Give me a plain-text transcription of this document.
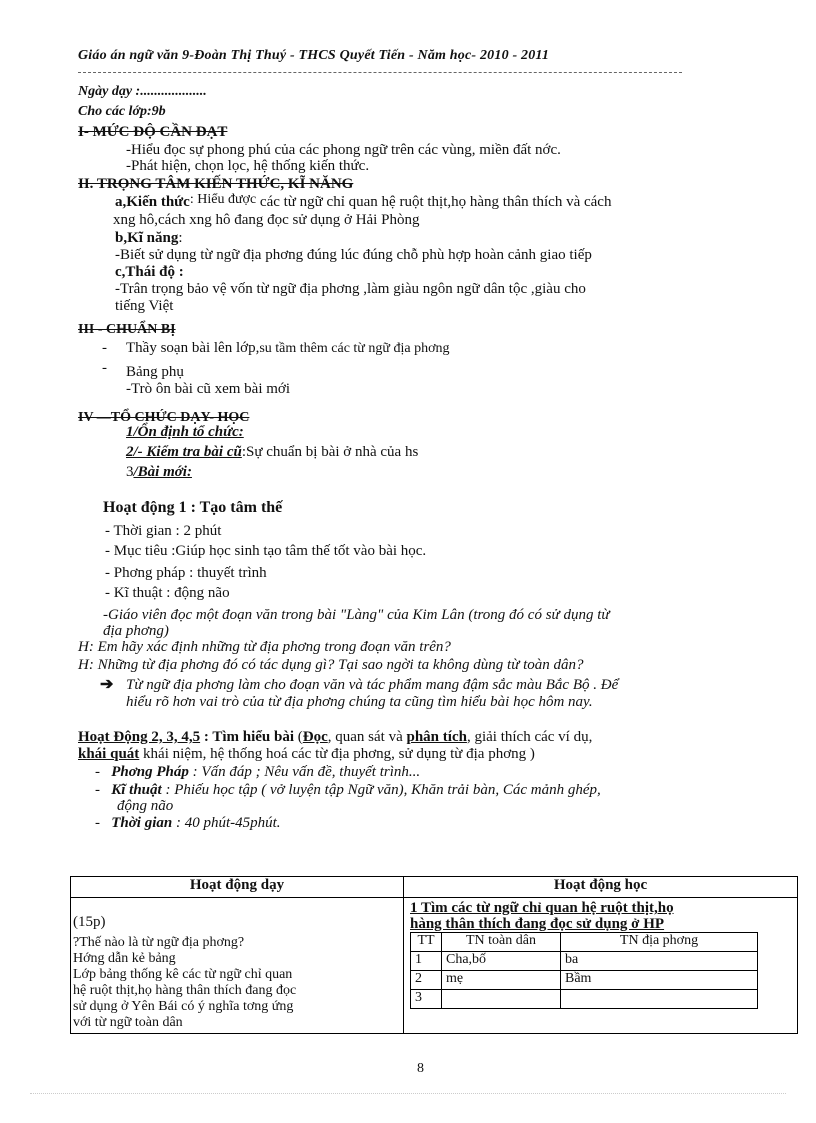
Giáo án ngữ văn 9-Đoàn Thị Thuý - THCS Quyết Tiến - Năm học- 2010 - 2011
Ngày dạy :...................
Cho các lớp:9b
I- MỨC ĐỘ CẦN ĐẠT
-Hiểu đọc sự phong phú của các phong ngữ trên các vùng, miền đất nớc.
-Phát hiện, chọn lọc, hệ thống kiến thức.
II. TRỌNG TÂM KIẾN THỨC, KĨ NĂNG
a,Kiến thức: Hiểu được các từ ngữ chỉ quan hệ ruột thịt,họ hàng thân thích và cách
xng hô,cách xng hô đang đọc sử dụng ở Hải Phòng
b,Kĩ năng:
-Biết sử dụng từ ngữ địa phơng đúng lúc đúng chỗ phù hợp hoàn cảnh giao tiếp
c,Thái độ :
-Trân trọng bảo vệ vốn từ ngữ địa phơng ,làm giàu ngôn ngữ dân tộc ,giàu cho
tiếng Việt
III - CHUẨN BỊ
- Thầy soạn bài lên lớp,su tầm thêm các từ ngữ địa phơng
- Bảng phụ
-Trò ôn bài cũ xem bài mới
IV —TỔ CHỨC DẠY- HỌC
1/Ổn định tổ chức:
2/- Kiểm tra bài cũ:Sự chuẩn bị bài ở nhà của hs
3/Bài mới:
Hoạt động 1 : Tạo tâm thế
- Thời gian : 2 phút
- Mục tiêu :Giúp học sinh tạo tâm thế tốt vào bài học.
- Phơng pháp : thuyết trình
- Kĩ thuật : động não
-Giáo viên đọc một đoạn văn trong bài "Làng" của Kim Lân (trong đó có sử dụng từ
địa phơng)
H: Em hãy xác định những từ địa phơng trong đoạn văn trên?
H: Những từ địa phơng đó có tác dụng gì? Tại sao ngời ta không dùng từ toàn dân?
➔ Từ ngữ địa phơng làm cho đoạn văn và tác phẩm mang đậm sắc màu Bắc Bộ . Để
hiểu rõ hơn vai trò của từ địa phơng chúng ta cũng tìm hiểu bài học hôm nay.
Hoạt Động 2, 3, 4,5 : Tìm hiểu bài (Đọc, quan sát và phân tích, giải thích các ví dụ,
khái quát khái niệm, hệ thống hoá các từ địa phơng, sử dụng từ địa phơng )
-   Phơng Pháp : Vấn đáp ; Nêu vấn đề, thuyết trình...
-   Kĩ thuật : Phiếu học tập ( vở luyện tập Ngữ văn), Khăn trải bàn, Các mảnh ghép,
động não
-   Thời gian : 40 phút-45phút.
Hoạt động dạy	Hoạt động học

(15p)
?Thế nào là từ ngữ địa phơng?
Hớng dẫn kẻ bảng
Lớp bảng thống kê các từ ngữ chỉ quan
hệ ruột thịt,họ hàng thân thích đang đọc
sử dụng ở Yên Bái có ý nghĩa tơng ứng
với từ ngữ toàn dân

1 Tìm các từ ngữ chỉ quan hệ ruột thịt,họ
hàng thân thích đang đọc sử dụng ở HP
TT	TN toàn dân	TN địa phơng
1	Cha,bố	ba
2	mẹ	Bầm
3		
8
